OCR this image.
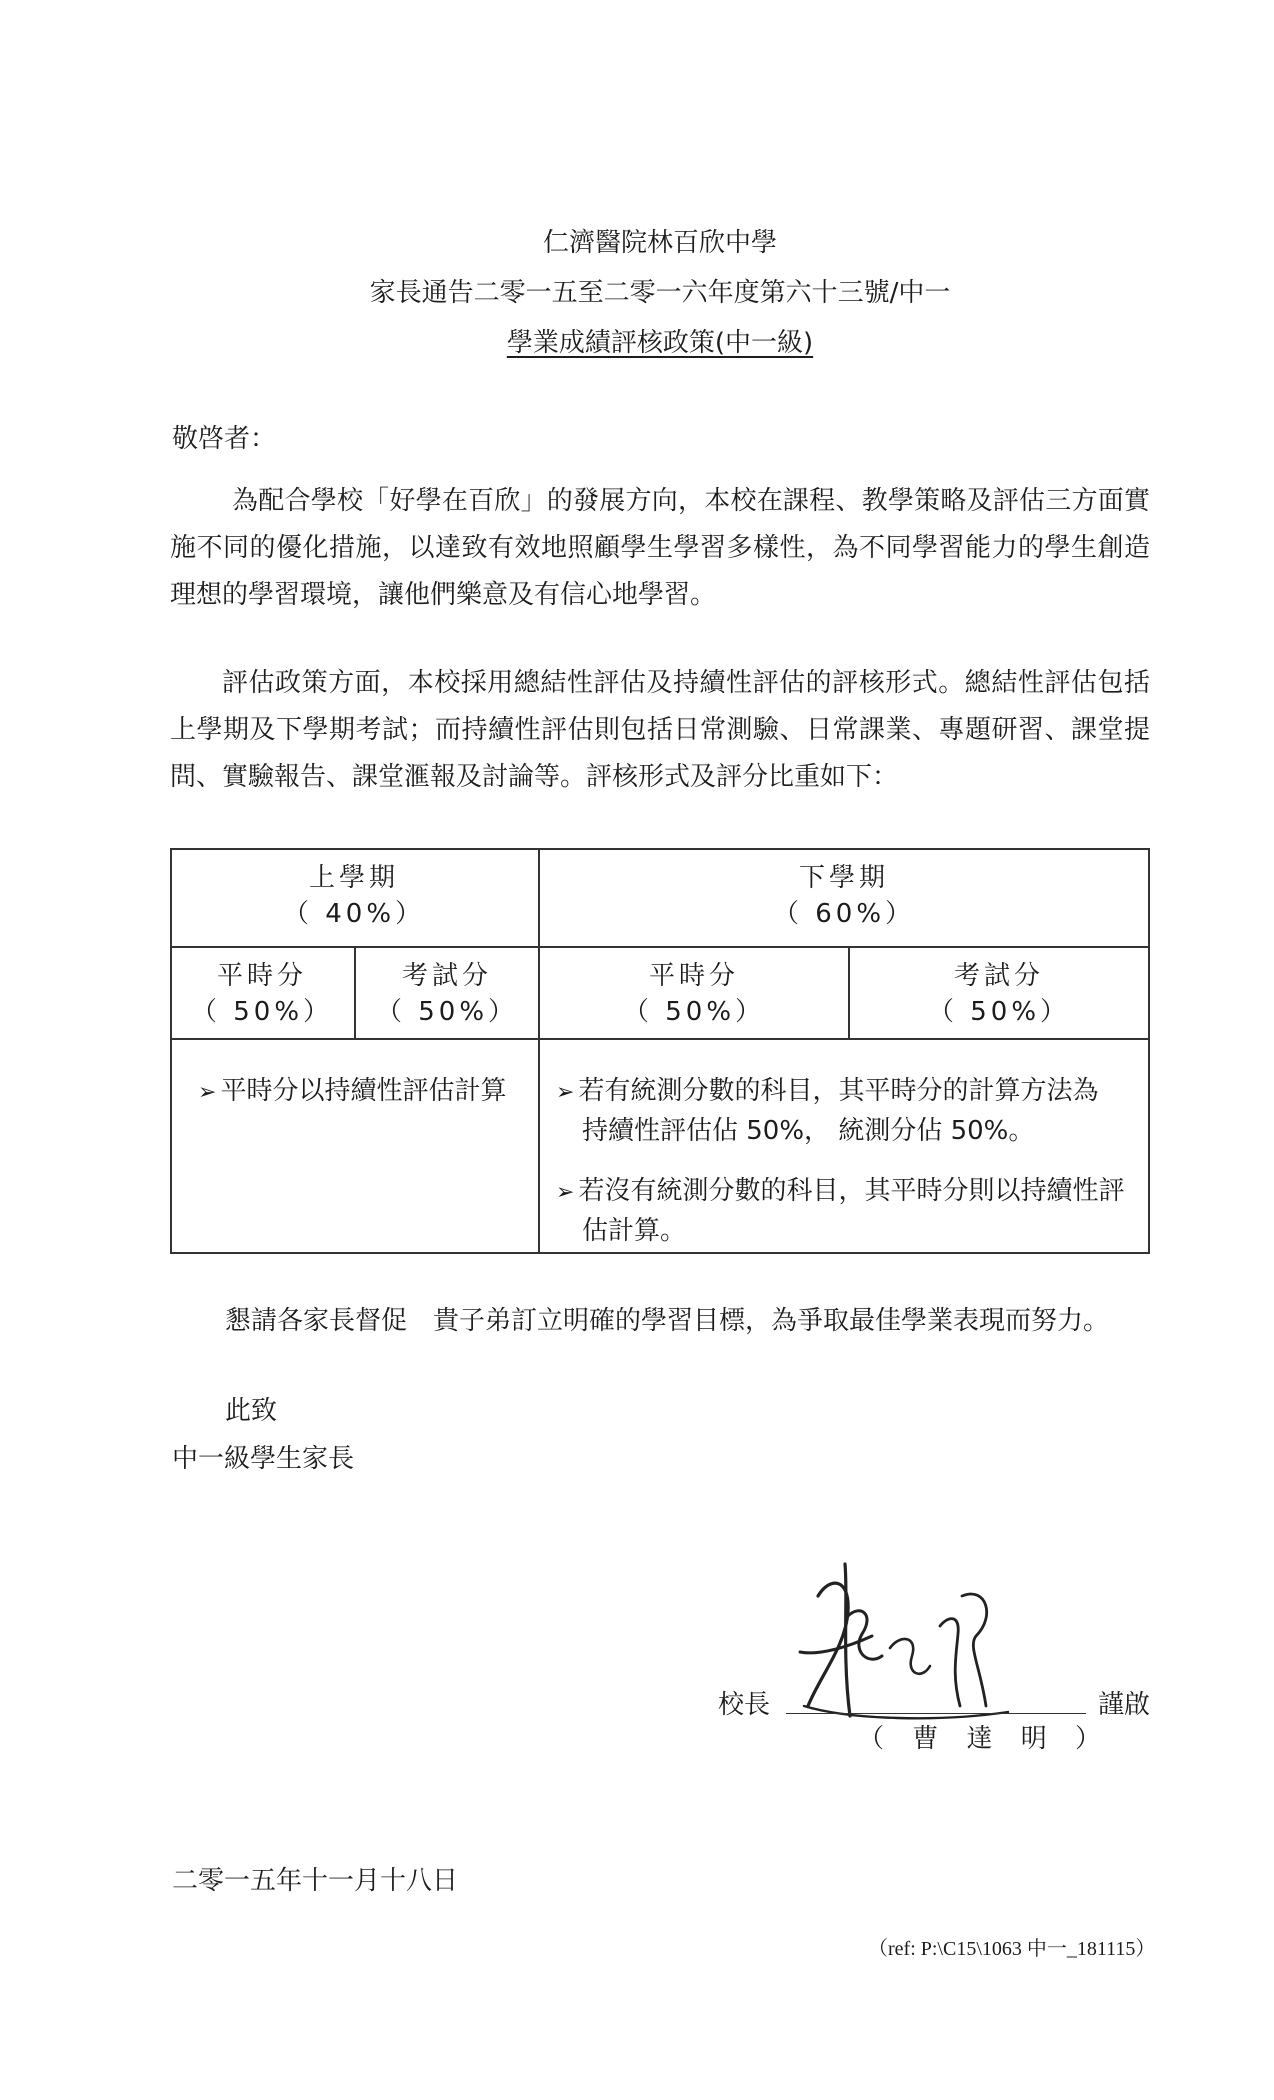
仁濟醫院林百欣中學
家長通告二零一五至二零一六年度第六十三號/中一
學業成績評核政策(中一級)
敬啓者：
為配合學校「好學在百欣」的發展方向，本校在課程、教學策略及評估三方面實施不同的優化措施，以達致有效地照顧學生學習多樣性，為不同學習能力的學生創造理想的學習環境，讓他們樂意及有信心地學習。
評估政策方面，本校採用總結性評估及持續性評估的評核形式。總結性評估包括上學期及下學期考試；而持續性評估則包括日常測驗、日常課業、專題研習、課堂提問、實驗報告、課堂滙報及討論等。評核形式及評分比重如下：
上學期
（ 40%）
下學期
（ 60%）
平時分
（ 50%）
考試分
（ 50%）
平時分
（ 50%）
考試分
（ 50%）
➢ 平時分以持續性評估計算	➢ 若有統測分數的科目，其平時分的計算方法為
持續性評估佔 50%， 統測分佔 50%。
➢ 若沒有統測分數的科目，其平時分則以持續性評
估計算。
懇請各家長督促　貴子弟訂立明確的學習目標，為爭取最佳學業表現而努力。
此致
中一級學生家長
校長	謹啟
（ 曹 達 明 ）
二零一五年十一月十八日
（ref: P:\C15\1063 中一_181115）
